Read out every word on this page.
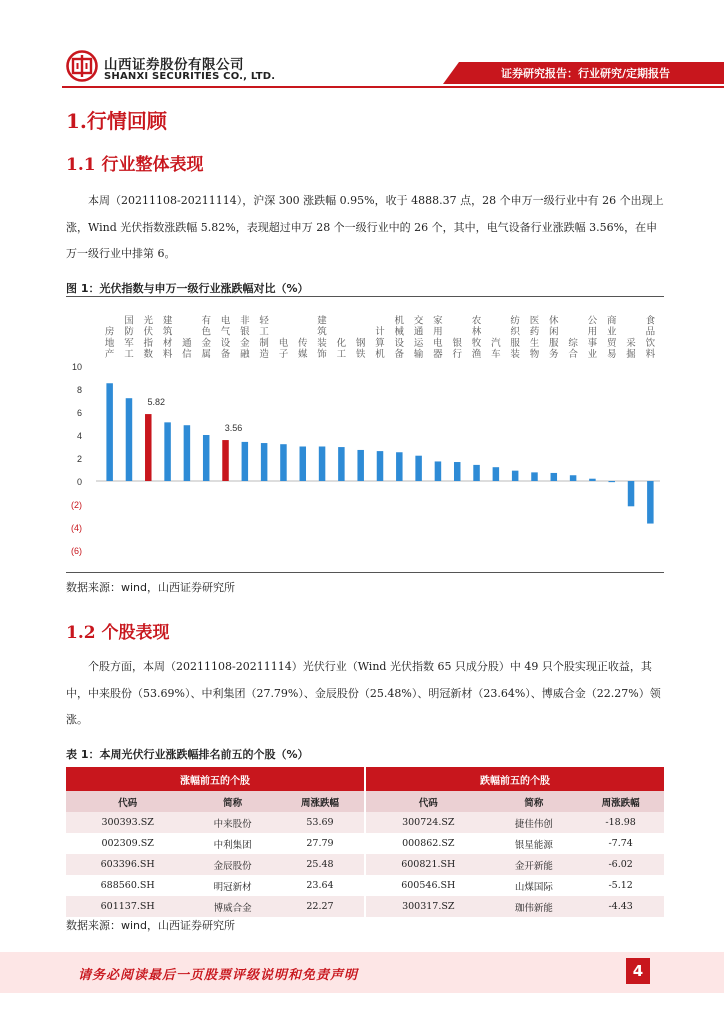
山西证券股份有限公司
SHANXI SECURITIES CO., LTD.	证券研究报告：行业研究/定期报告
1.行情回顾
1.1 行业整体表现

本周（20211108-20211114），沪深 300 涨跌幅 0.95%，收于 4888.37 点，28 个申万一级行业中有 26 个出现上涨，Wind 光伏指数涨跌幅 5.82%，表现超过申万 28 个一级行业中的 26 个，其中，电气设备行业涨跌幅 3.56%，在申万一级行业中排第 6。

图 1：光伏指数与申万一级行业涨跌幅对比（%）
10
8
6
4
2
0
(2)
(4)
(6)
房地产
国防军工
光伏指数
5.82
建筑材料
通信
有色金属
电气设备
3.56
非银金融
轻工制造
电子
传媒
建筑装饰
化工
钢铁
计算机
机械设备
交通运输
家用电器
银行
农林牧渔
汽车
纺织服装
医药生物
休闲服务
综合
公用事业
商业贸易
采掘
食品饮料
数据来源：wind，山西证券研究所
1.2 个股表现

个股方面，本周（20211108-20211114）光伏行业（Wind 光伏指数 65 只成分股）中 49 只个股实现正收益，其中，中来股份（53.69%）、中利集团（27.79%）、金辰股份（25.48%）、明冠新材（23.64%）、博威合金（22.27%）领涨。

表 1：本周光伏行业涨跌幅排名前五的个股（%）
涨幅前五的个股			跌幅前五的个股		
代码	简称	周涨跌幅	代码	简称	周涨跌幅
300393.SZ	中来股份	53.69	300724.SZ	捷佳伟创	-18.98
002309.SZ	中利集团	27.79	000862.SZ	银星能源	-7.74
603396.SH	金辰股份	25.48	600821.SH	金开新能	-6.02
688560.SH	明冠新材	23.64	600546.SH	山煤国际	-5.12
601137.SH	博威合金	22.27	300317.SZ	珈伟新能	-4.43
数据来源：wind，山西证券研究所
请务必阅读最后一页股票评级说明和免责声明	4
